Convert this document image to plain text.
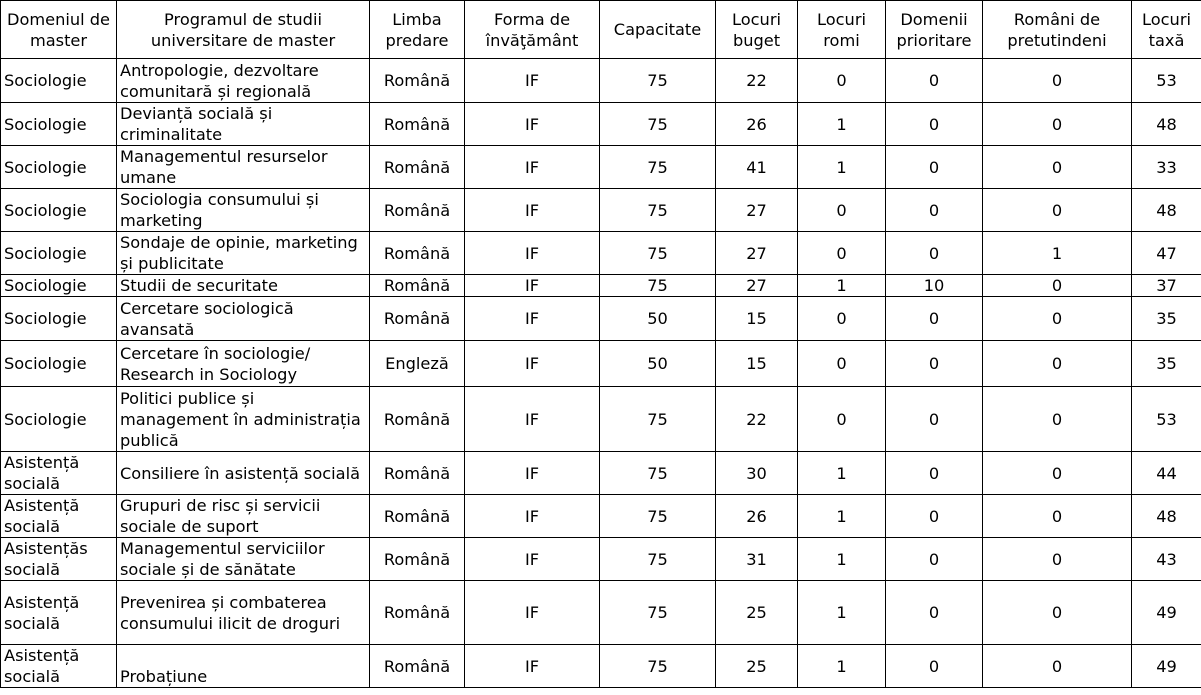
Domeniul de master	Programul de studii universitare de master	Limba predare	Forma de învăţământ	Capacitate	Locuri buget	Locuri romi	Domenii prioritare	Români de pretutindeni	Locuri taxă
Sociologie	Antropologie, dezvoltare comunitară și regională	Română	IF	75	22	0	0	0	53
Sociologie	Devianță socială și criminalitate	Română	IF	75	26	1	0	0	48
Sociologie	Managementul resurselor umane	Română	IF	75	41	1	0	0	33
Sociologie	Sociologia consumului și marketing	Română	IF	75	27	0	0	0	48
Sociologie	Sondaje de opinie, marketing și publicitate	Română	IF	75	27	0	0	1	47
Sociologie	Studii de securitate	Română	IF	75	27	1	10	0	37
Sociologie	Cercetare sociologică avansată	Română	IF	50	15	0	0	0	35
Sociologie	Cercetare în sociologie/ Research in Sociology	Engleză	IF	50	15	0	0	0	35
Sociologie	Politici publice și management în administrația publică	Română	IF	75	22	0	0	0	53
Asistență socială	Consiliere în asistență socială	Română	IF	75	30	1	0	0	44
Asistență socială	Grupuri de risc și servicii sociale de suport	Română	IF	75	26	1	0	0	48
Asistențăs socială	Managementul serviciilor sociale și de sănătate	Română	IF	75	31	1	0	0	43
Asistență socială	Prevenirea și combaterea consumului ilicit de droguri	Română	IF	75	25	1	0	0	49
Asistență socială	Probațiune	Română	IF	75	25	1	0	0	49
